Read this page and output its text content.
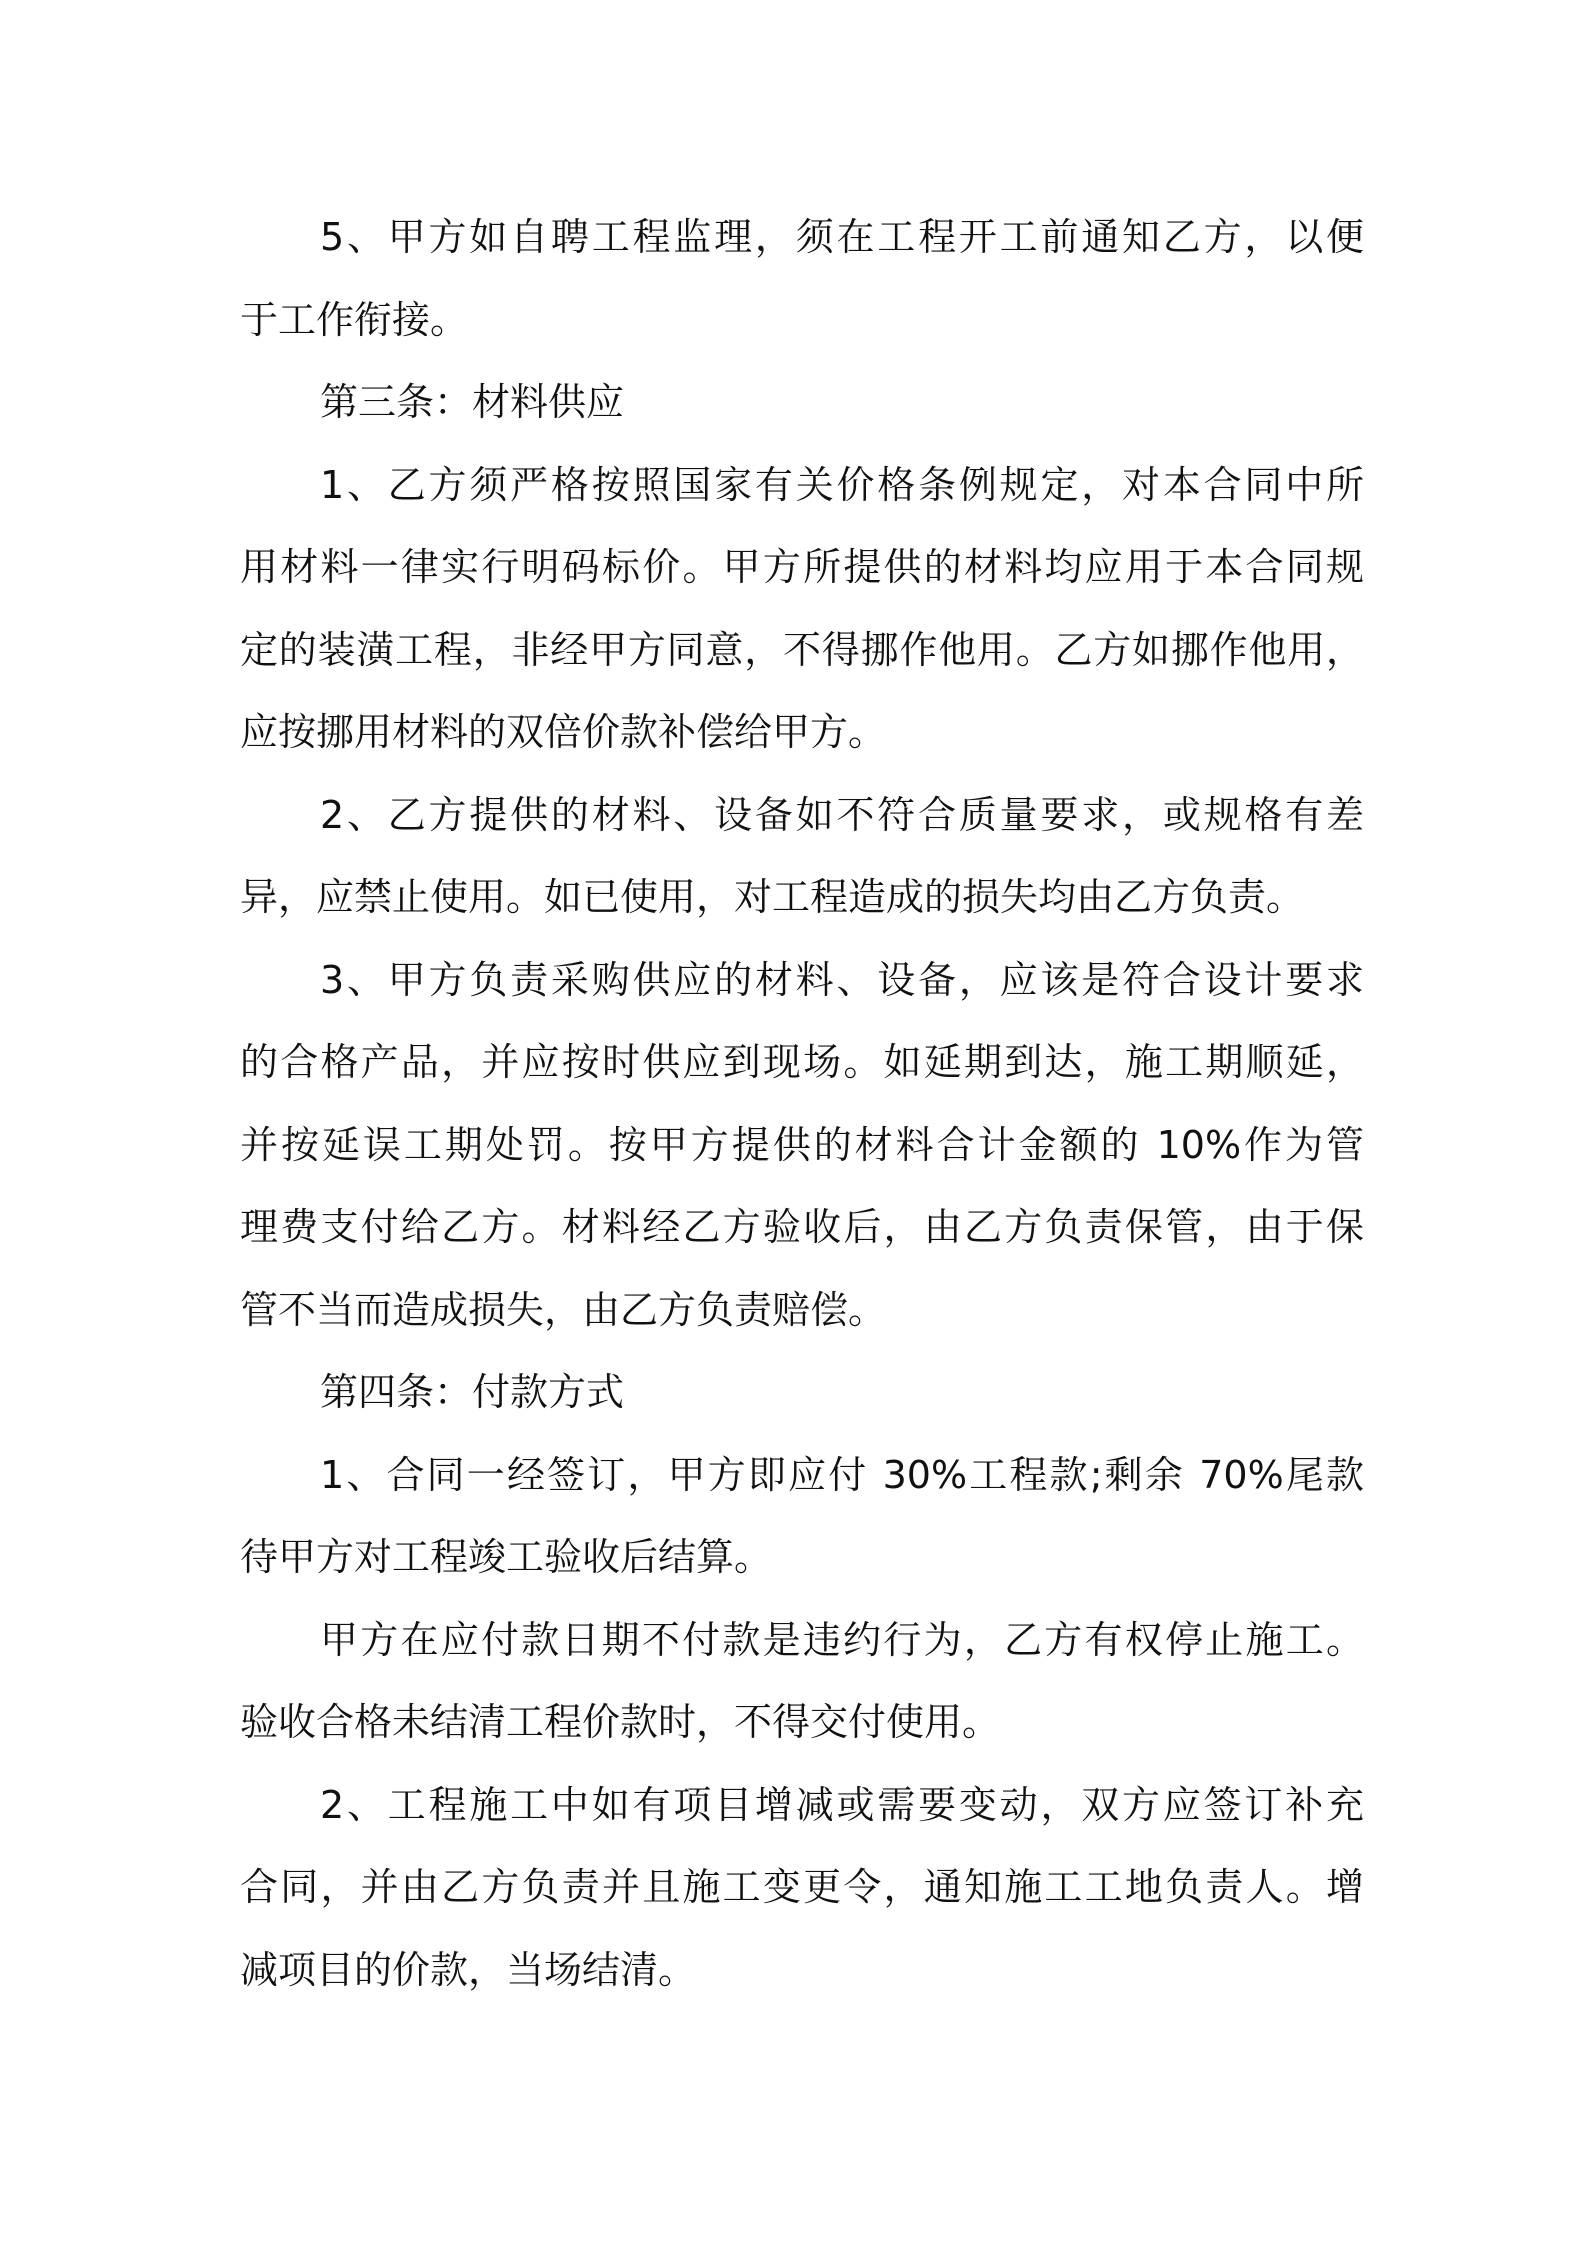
5、甲方如自聘工程监理，须在工程开工前通知乙方，以便
于工作衔接。
第三条：材料供应
1、乙方须严格按照国家有关价格条例规定，对本合同中所
用材料一律实行明码标价。甲方所提供的材料均应用于本合同规
定的装潢工程，非经甲方同意，不得挪作他用。乙方如挪作他用，
应按挪用材料的双倍价款补偿给甲方。
2、乙方提供的材料、设备如不符合质量要求，或规格有差
异，应禁止使用。如已使用，对工程造成的损失均由乙方负责。
3、甲方负责采购供应的材料、设备，应该是符合设计要求
的合格产品，并应按时供应到现场。如延期到达，施工期顺延，
并按延误工期处罚。按甲方提供的材料合计金额的 10%作为管
理费支付给乙方。材料经乙方验收后，由乙方负责保管，由于保
管不当而造成损失，由乙方负责赔偿。
第四条：付款方式
1、合同一经签订，甲方即应付 30%工程款;剩余 70%尾款
待甲方对工程竣工验收后结算。
甲方在应付款日期不付款是违约行为，乙方有权停止施工。
验收合格未结清工程价款时，不得交付使用。
2、工程施工中如有项目增减或需要变动，双方应签订补充
合同，并由乙方负责并且施工变更令，通知施工工地负责人。增
减项目的价款，当场结清。
